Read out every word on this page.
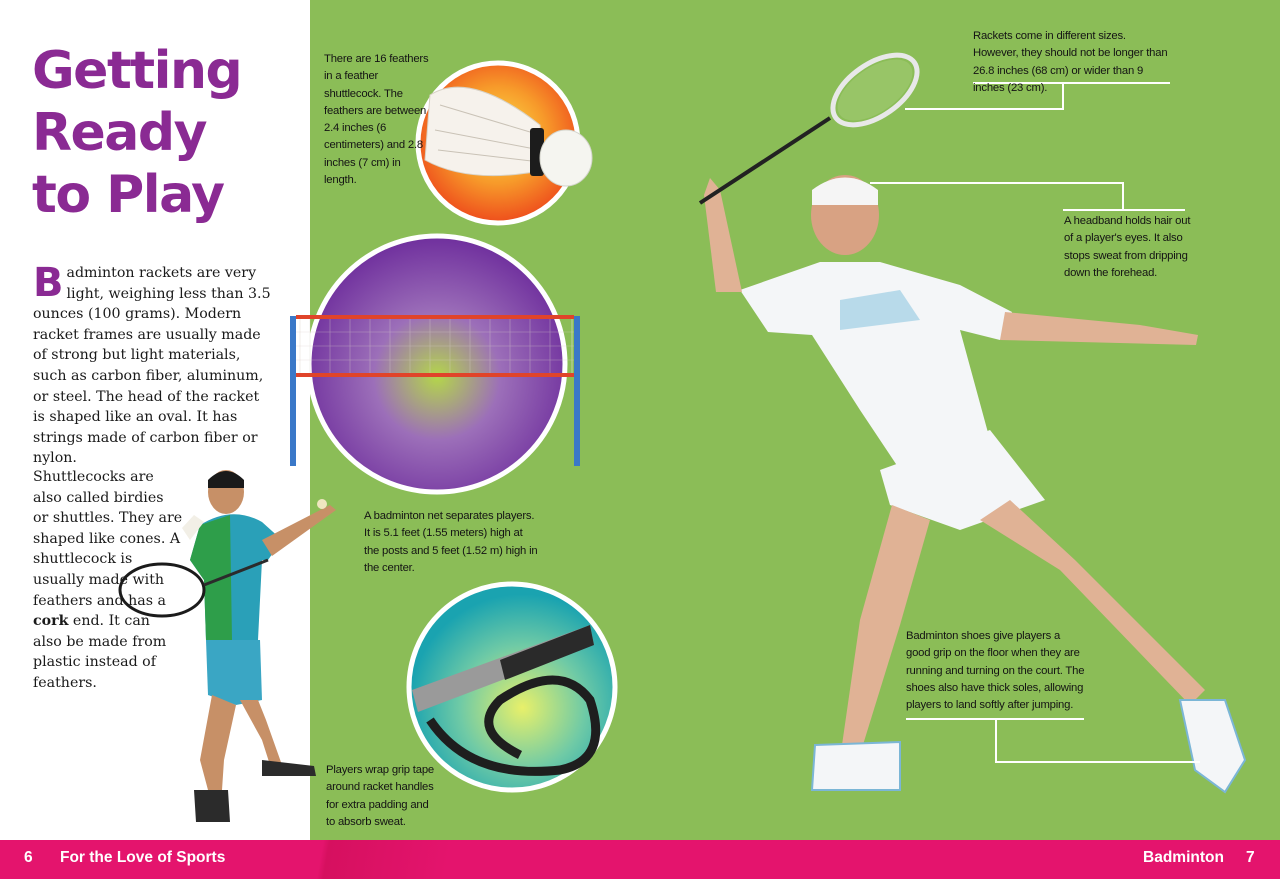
Getting
Ready
to Play

Badminton rackets are very light, weighing less than 3.5 ounces (100 grams). Modern racket frames are usually made of strong but light materials, such as carbon fiber, aluminum, or steel. The head of the racket is shaped like an oval. It has strings made of carbon fiber or nylon.

Shuttlecocks are also called birdies or shuttles. They are shaped like cones. A shuttlecock is usually made with feathers and has a cork end. It can also be made from plastic instead of feathers.

There are 16 feathers in a feather shuttlecock. The feathers are between 2.4 inches (6 centimeters) and 2.8 inches (7 cm) in length.

Rackets come in different sizes. However, they should not be longer than 26.8 inches (68 cm) or wider than 9 inches (23 cm).

A headband holds hair out of a player's eyes. It also stops sweat from dripping down the forehead.

A badminton net separates players. It is 5.1 feet (1.55 meters) high at the posts and 5 feet (1.52 m) high in the center.

Badminton shoes give players a good grip on the floor when they are running and turning on the court. The shoes also have thick soles, allowing players to land softly after jumping.

Players wrap grip tape around racket handles for extra padding and to absorb sweat.

6 For the Love of Sports	Badminton 7
